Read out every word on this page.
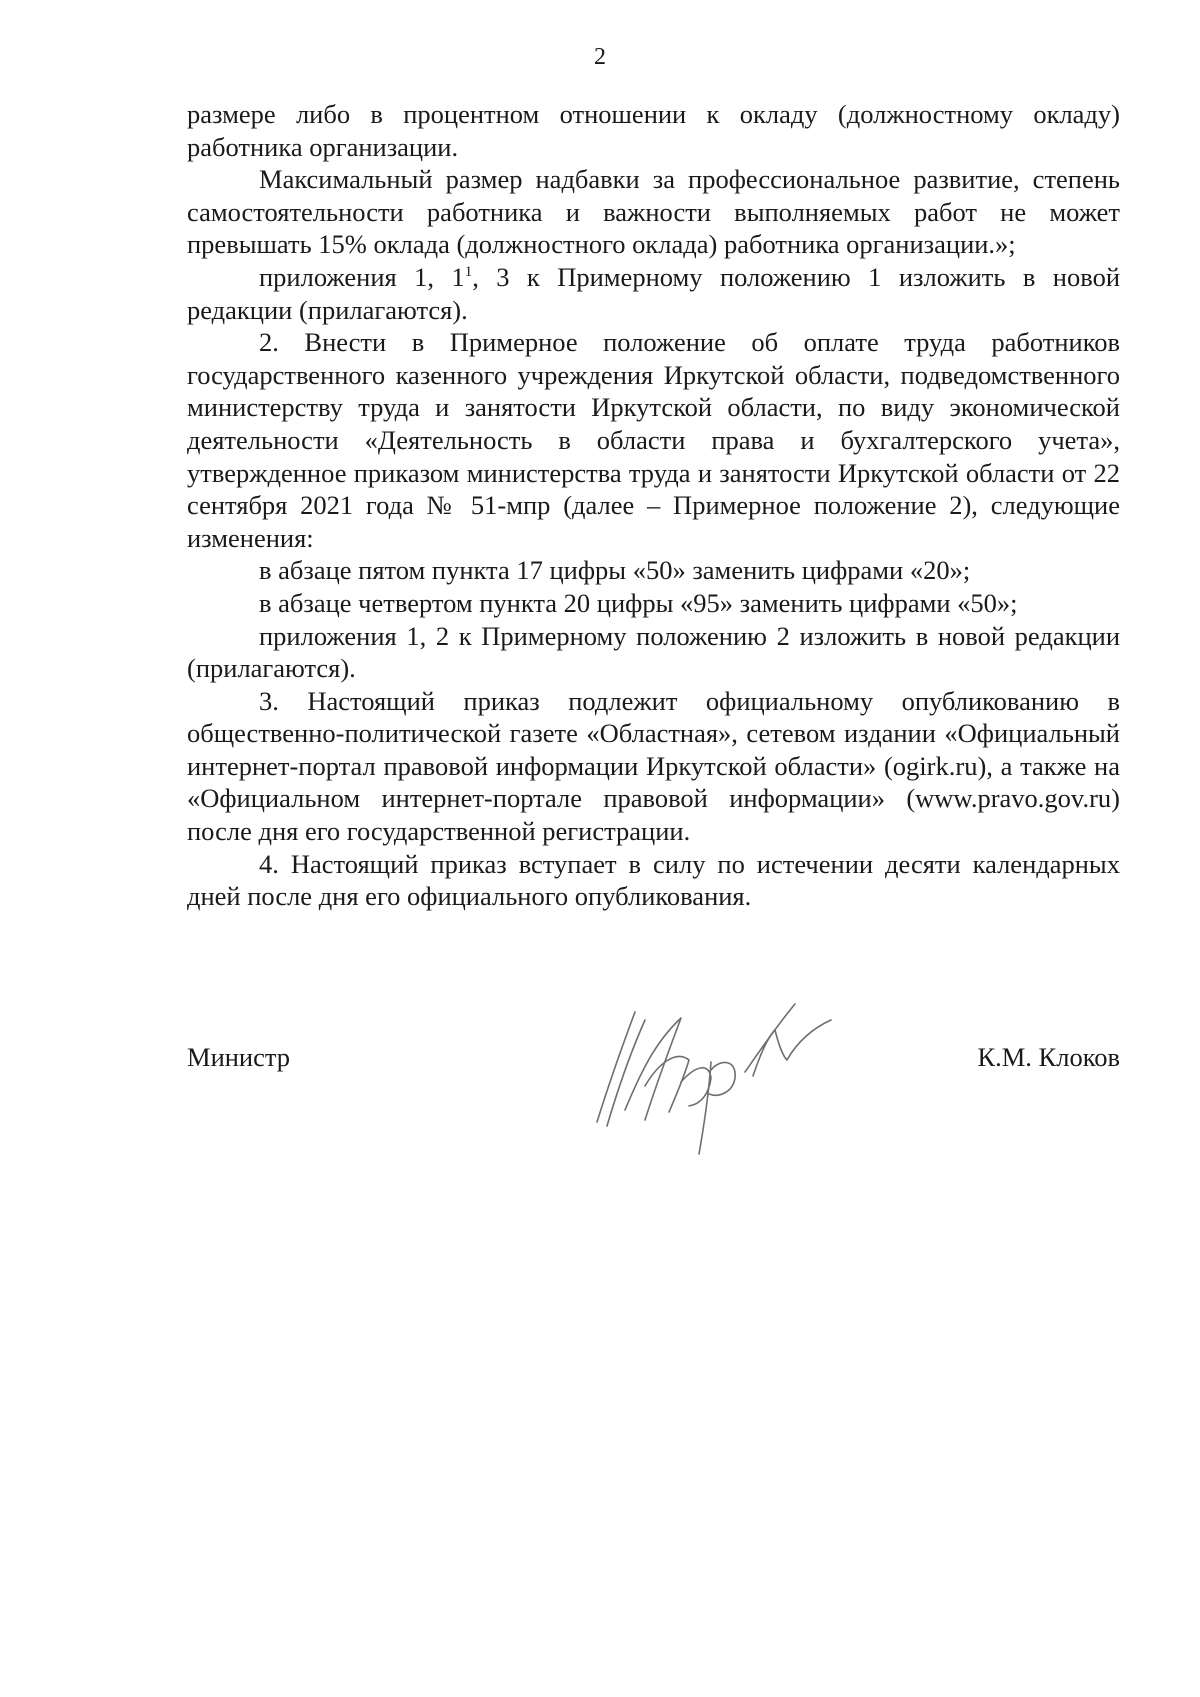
2

размере либо в процентном отношении к окладу (должностному окладу) работника организации.

Максимальный размер надбавки за профессиональное развитие, степень самостоятельности работника и важности выполняемых работ не может превышать 15% оклада (должностного оклада) работника организации.»;

приложения 1, $1^1$, 3 к Примерному положению 1 изложить в новой редакции (прилагаются).

2. Внести в Примерное положение об оплате труда работников государственного казенного учреждения Иркутской области, подведомственного министерству труда и занятости Иркутской области, по виду экономической деятельности «Деятельность в области права и бухгалтерского учета», утвержденное приказом министерства труда и занятости Иркутской области от 22 сентября 2021 года № 51-мпр (далее – Примерное положение 2), следующие изменения:

в абзаце пятом пункта 17 цифры «50» заменить цифрами «20»;

в абзаце четвертом пункта 20 цифры «95» заменить цифрами «50»;

приложения 1, 2 к Примерному положению 2 изложить в новой редакции (прилагаются).

3. Настоящий приказ подлежит официальному опубликованию в общественно-политической газете «Областная», сетевом издании «Официальный интернет-портал правовой информации Иркутской области» (ogirk.ru), а также на «Официальном интернет-портале правовой информации» (www.pravo.gov.ru) после дня его государственной регистрации.

4. Настоящий приказ вступает в силу по истечении десяти календарных дней после дня его официального опубликования.

Министр	К.М. Клоков
